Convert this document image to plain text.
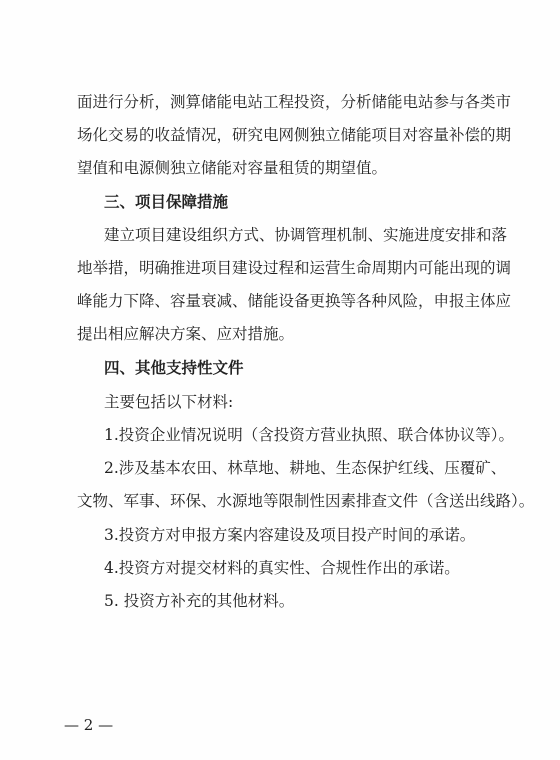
面进行分析，测算储能电站工程投资，分析储能电站参与各类市
场化交易的收益情况，研究电网侧独立储能项目对容量补偿的期
望值和电源侧独立储能对容量租赁的期望值。
三、项目保障措施
建立项目建设组织方式、协调管理机制、实施进度安排和落
地举措，明确推进项目建设过程和运营生命周期内可能出现的调
峰能力下降、容量衰减、储能设备更换等各种风险，申报主体应
提出相应解决方案、应对措施。
四、其他支持性文件
主要包括以下材料:
1.投资企业情况说明（含投资方营业执照、联合体协议等）。
2.涉及基本农田、林草地、耕地、生态保护红线、压覆矿、
文物、军事、环保、水源地等限制性因素排查文件（含送出线路）。
3.投资方对申报方案内容建设及项目投产时间的承诺。
4.投资方对提交材料的真实性、合规性作出的承诺。
5. 投资方补充的其他材料。
— 2 —
